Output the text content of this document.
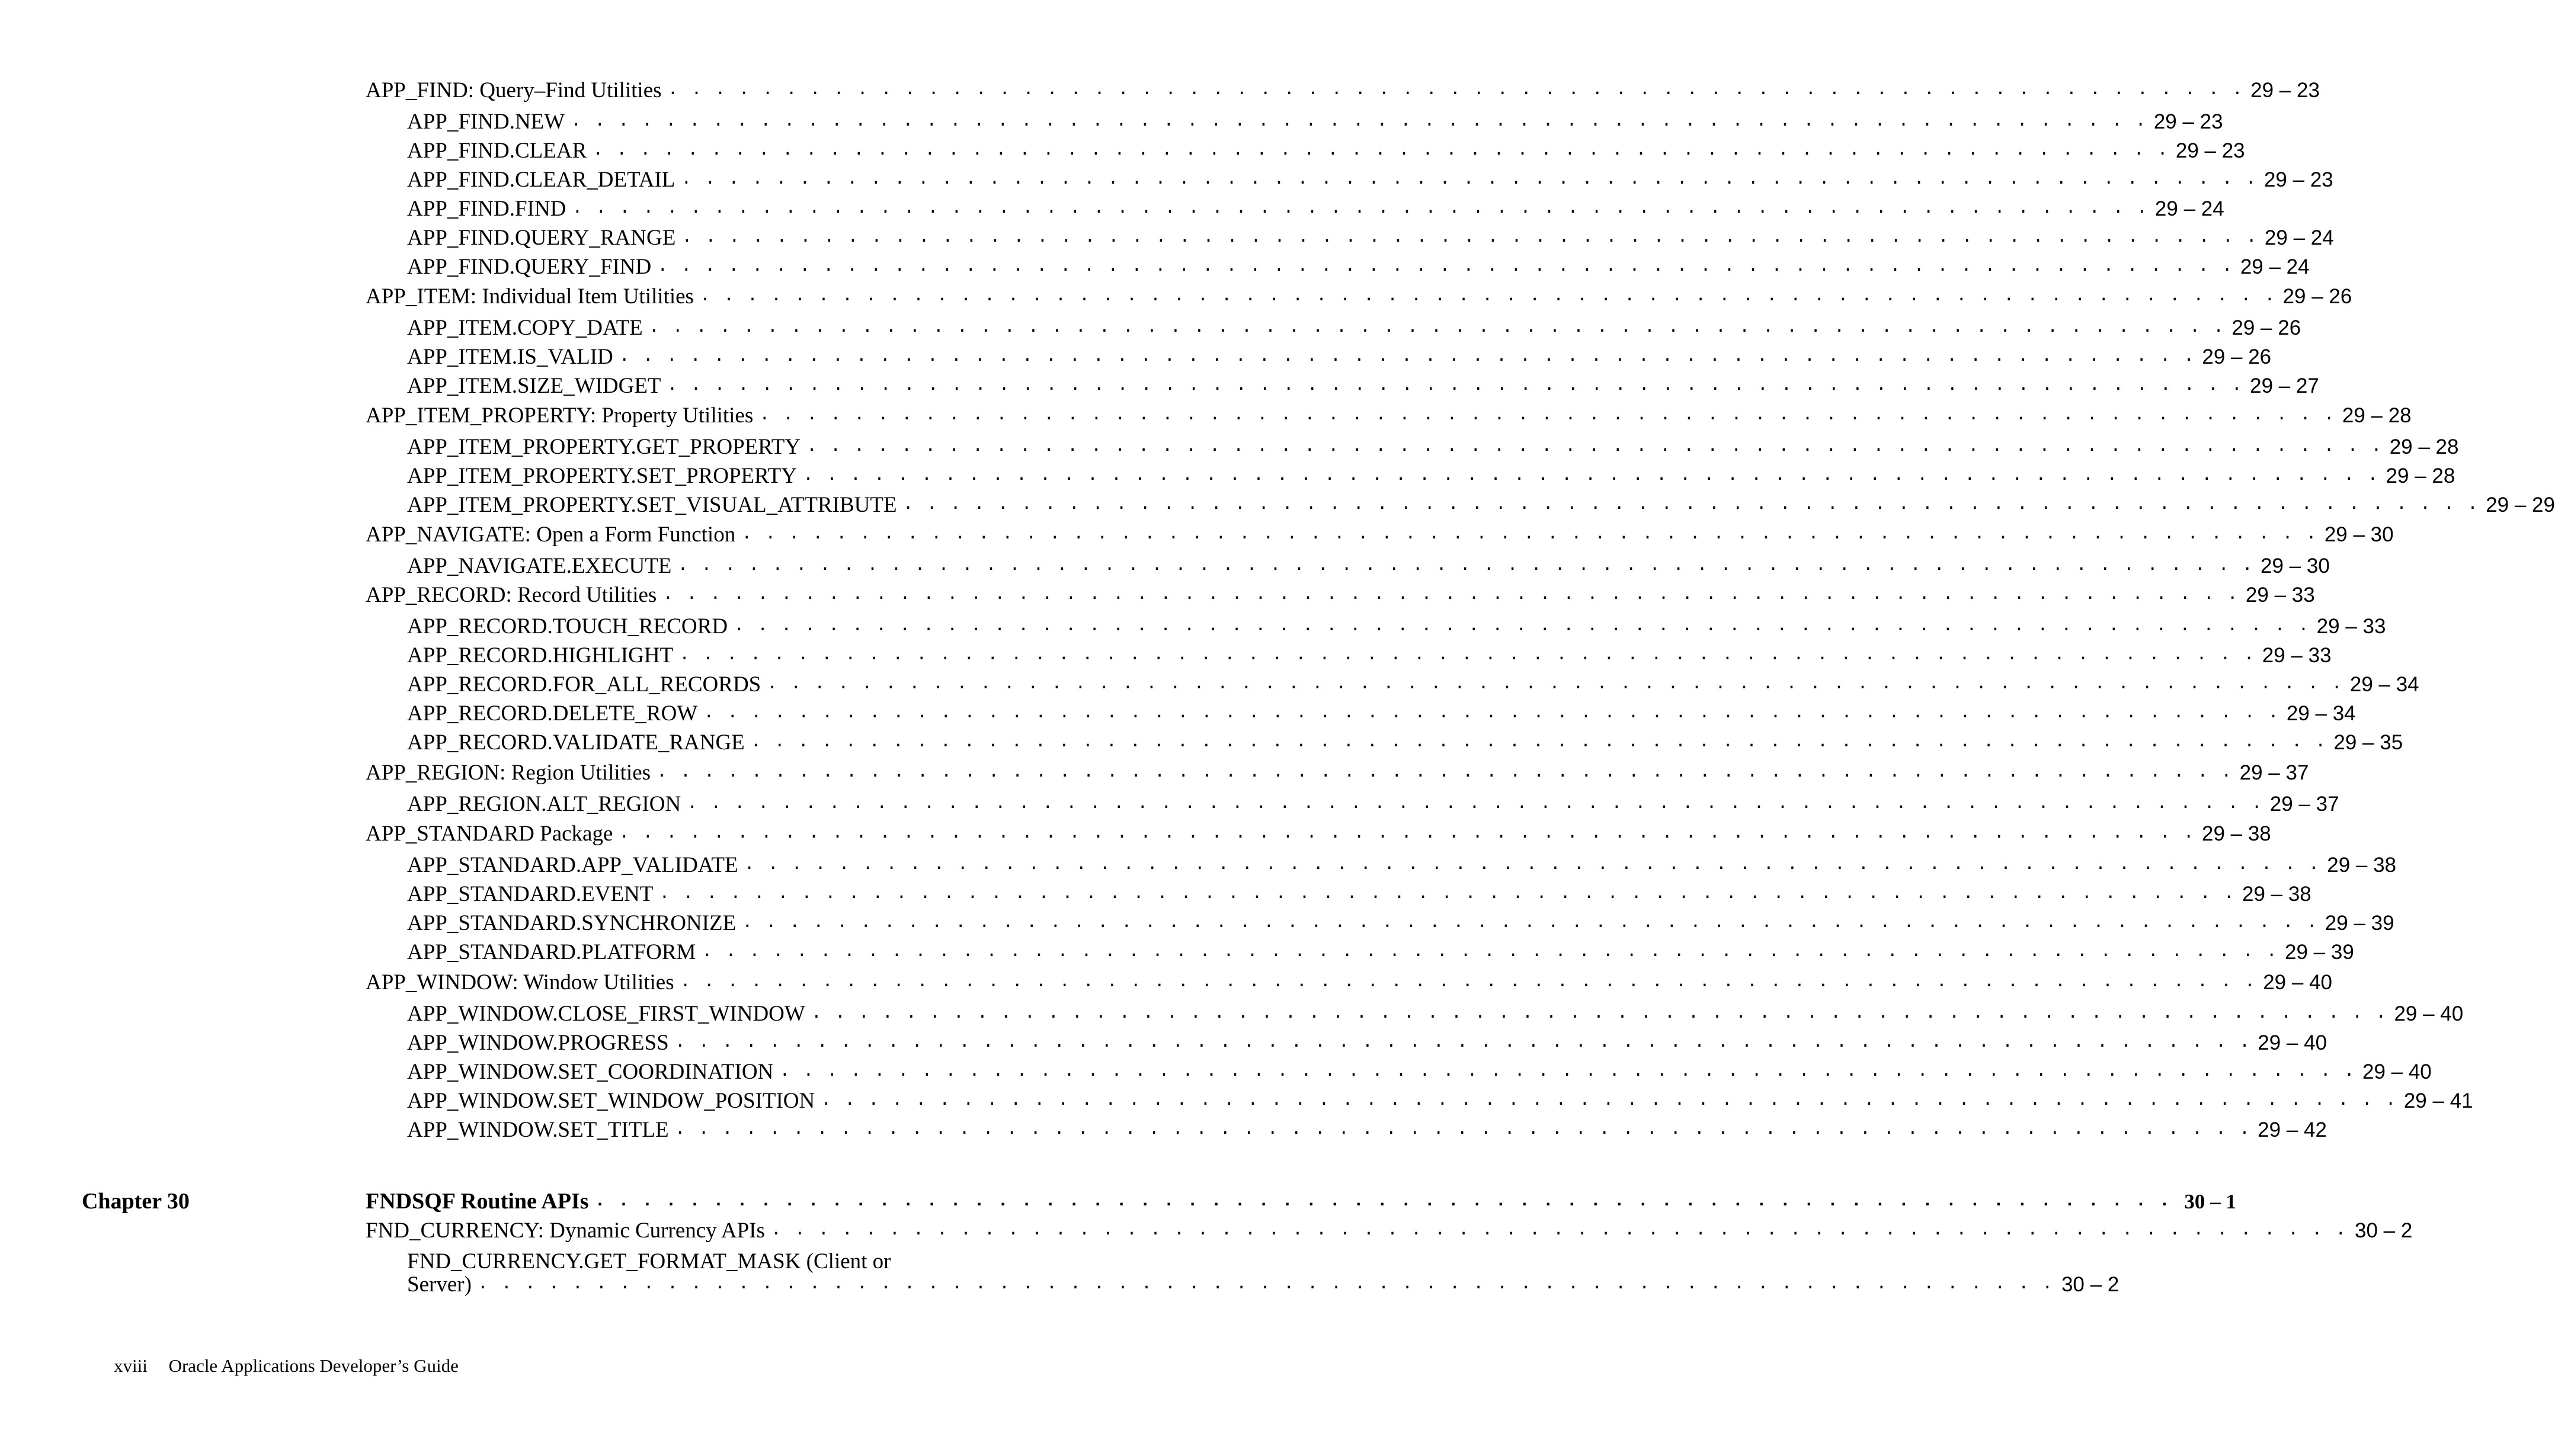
APP_FIND: Query–Find Utilities . . . . . . . . . . . . . . . . . . . . . . . . . . . . . . . . . . . . . . . . . . . . . . . . . . . . . . . . . . . . . . . . . . . 29 – 23
APP_FIND.NEW . . . . . . . . . . . . . . . . . . . . . . . . . . . . . . . . . . . . . . . . . . . . . . . . . . . . . . . . . . . . . . . . . . . 29 – 23
APP_FIND.CLEAR . . . . . . . . . . . . . . . . . . . . . . . . . . . . . . . . . . . . . . . . . . . . . . . . . . . . . . . . . . . . . . . . . . . 29 – 23
APP_FIND.CLEAR_DETAIL . . . . . . . . . . . . . . . . . . . . . . . . . . . . . . . . . . . . . . . . . . . . . . . . . . . . . . . . . . . . . . . . . . . 29 – 23
APP_FIND.FIND . . . . . . . . . . . . . . . . . . . . . . . . . . . . . . . . . . . . . . . . . . . . . . . . . . . . . . . . . . . . . . . . . . . 29 – 24
APP_FIND.QUERY_RANGE . . . . . . . . . . . . . . . . . . . . . . . . . . . . . . . . . . . . . . . . . . . . . . . . . . . . . . . . . . . . . . . . . . . 29 – 24
APP_FIND.QUERY_FIND . . . . . . . . . . . . . . . . . . . . . . . . . . . . . . . . . . . . . . . . . . . . . . . . . . . . . . . . . . . . . . . . . . . 29 – 24
APP_ITEM: Individual Item Utilities . . . . . . . . . . . . . . . . . . . . . . . . . . . . . . . . . . . . . . . . . . . . . . . . . . . . . . . . . . . . . . . . . . . 29 – 26
APP_ITEM.COPY_DATE . . . . . . . . . . . . . . . . . . . . . . . . . . . . . . . . . . . . . . . . . . . . . . . . . . . . . . . . . . . . . . . . . . . 29 – 26
APP_ITEM.IS_VALID . . . . . . . . . . . . . . . . . . . . . . . . . . . . . . . . . . . . . . . . . . . . . . . . . . . . . . . . . . . . . . . . . . . 29 – 26
APP_ITEM.SIZE_WIDGET . . . . . . . . . . . . . . . . . . . . . . . . . . . . . . . . . . . . . . . . . . . . . . . . . . . . . . . . . . . . . . . . . . . 29 – 27
APP_ITEM_PROPERTY: Property Utilities . . . . . . . . . . . . . . . . . . . . . . . . . . . . . . . . . . . . . . . . . . . . . . . . . . . . . . . . . . . . . . . . . . . 29 – 28
APP_ITEM_PROPERTY.GET_PROPERTY . . . . . . . . . . . . . . . . . . . . . . . . . . . . . . . . . . . . . . . . . . . . . . . . . . . . . . . . . . . . . . . . . . . 29 – 28
APP_ITEM_PROPERTY.SET_PROPERTY . . . . . . . . . . . . . . . . . . . . . . . . . . . . . . . . . . . . . . . . . . . . . . . . . . . . . . . . . . . . . . . . . . . 29 – 28
APP_ITEM_PROPERTY.SET_VISUAL_ATTRIBUTE . . . . . . . . . . . . . . . . . . . . . . . . . . . . . . . . . . . . . . . . . . . . . . . . . . . . . . . . . . . . . . . . . . . 29 – 29
APP_NAVIGATE: Open a Form Function . . . . . . . . . . . . . . . . . . . . . . . . . . . . . . . . . . . . . . . . . . . . . . . . . . . . . . . . . . . . . . . . . . . 29 – 30
APP_NAVIGATE.EXECUTE . . . . . . . . . . . . . . . . . . . . . . . . . . . . . . . . . . . . . . . . . . . . . . . . . . . . . . . . . . . . . . . . . . . 29 – 30
APP_RECORD: Record Utilities . . . . . . . . . . . . . . . . . . . . . . . . . . . . . . . . . . . . . . . . . . . . . . . . . . . . . . . . . . . . . . . . . . . 29 – 33
APP_RECORD.TOUCH_RECORD . . . . . . . . . . . . . . . . . . . . . . . . . . . . . . . . . . . . . . . . . . . . . . . . . . . . . . . . . . . . . . . . . . . 29 – 33
APP_RECORD.HIGHLIGHT . . . . . . . . . . . . . . . . . . . . . . . . . . . . . . . . . . . . . . . . . . . . . . . . . . . . . . . . . . . . . . . . . . . 29 – 33
APP_RECORD.FOR_ALL_RECORDS . . . . . . . . . . . . . . . . . . . . . . . . . . . . . . . . . . . . . . . . . . . . . . . . . . . . . . . . . . . . . . . . . . . 29 – 34
APP_RECORD.DELETE_ROW . . . . . . . . . . . . . . . . . . . . . . . . . . . . . . . . . . . . . . . . . . . . . . . . . . . . . . . . . . . . . . . . . . . 29 – 34
APP_RECORD.VALIDATE_RANGE . . . . . . . . . . . . . . . . . . . . . . . . . . . . . . . . . . . . . . . . . . . . . . . . . . . . . . . . . . . . . . . . . . . 29 – 35
APP_REGION: Region Utilities . . . . . . . . . . . . . . . . . . . . . . . . . . . . . . . . . . . . . . . . . . . . . . . . . . . . . . . . . . . . . . . . . . . 29 – 37
APP_REGION.ALT_REGION . . . . . . . . . . . . . . . . . . . . . . . . . . . . . . . . . . . . . . . . . . . . . . . . . . . . . . . . . . . . . . . . . . . 29 – 37
APP_STANDARD Package . . . . . . . . . . . . . . . . . . . . . . . . . . . . . . . . . . . . . . . . . . . . . . . . . . . . . . . . . . . . . . . . . . . 29 – 38
APP_STANDARD.APP_VALIDATE . . . . . . . . . . . . . . . . . . . . . . . . . . . . . . . . . . . . . . . . . . . . . . . . . . . . . . . . . . . . . . . . . . . 29 – 38
APP_STANDARD.EVENT . . . . . . . . . . . . . . . . . . . . . . . . . . . . . . . . . . . . . . . . . . . . . . . . . . . . . . . . . . . . . . . . . . . 29 – 38
APP_STANDARD.SYNCHRONIZE . . . . . . . . . . . . . . . . . . . . . . . . . . . . . . . . . . . . . . . . . . . . . . . . . . . . . . . . . . . . . . . . . . . 29 – 39
APP_STANDARD.PLATFORM . . . . . . . . . . . . . . . . . . . . . . . . . . . . . . . . . . . . . . . . . . . . . . . . . . . . . . . . . . . . . . . . . . . 29 – 39
APP_WINDOW: Window Utilities . . . . . . . . . . . . . . . . . . . . . . . . . . . . . . . . . . . . . . . . . . . . . . . . . . . . . . . . . . . . . . . . . . . 29 – 40
APP_WINDOW.CLOSE_FIRST_WINDOW . . . . . . . . . . . . . . . . . . . . . . . . . . . . . . . . . . . . . . . . . . . . . . . . . . . . . . . . . . . . . . . . . . . 29 – 40
APP_WINDOW.PROGRESS . . . . . . . . . . . . . . . . . . . . . . . . . . . . . . . . . . . . . . . . . . . . . . . . . . . . . . . . . . . . . . . . . . . 29 – 40
APP_WINDOW.SET_COORDINATION . . . . . . . . . . . . . . . . . . . . . . . . . . . . . . . . . . . . . . . . . . . . . . . . . . . . . . . . . . . . . . . . . . . 29 – 40
APP_WINDOW.SET_WINDOW_POSITION . . . . . . . . . . . . . . . . . . . . . . . . . . . . . . . . . . . . . . . . . . . . . . . . . . . . . . . . . . . . . . . . . . . 29 – 41
APP_WINDOW.SET_TITLE . . . . . . . . . . . . . . . . . . . . . . . . . . . . . . . . . . . . . . . . . . . . . . . . . . . . . . . . . . . . . . . . . . . 29 – 42
FNDSQF Routine APIs . . . . . . . . . . . . . . . . . . . . . . . . . . . . . . . . . . . . . . . . . . . . . . . . . . . . . . . . . . . . . . . . . . . 30 – 1
FND_CURRENCY: Dynamic Currency APIs . . . . . . . . . . . . . . . . . . . . . . . . . . . . . . . . . . . . . . . . . . . . . . . . . . . . . . . . . . . . . . . . . . . 30 – 2
FND_CURRENCY.GET_FORMAT_MASK (Client or
Server) . . . . . . . . . . . . . . . . . . . . . . . . . . . . . . . . . . . . . . . . . . . . . . . . . . . . . . . . . . . . . . . . . . . 30 – 2
Chapter 30
xviii Oracle Applications Developer’s Guide
